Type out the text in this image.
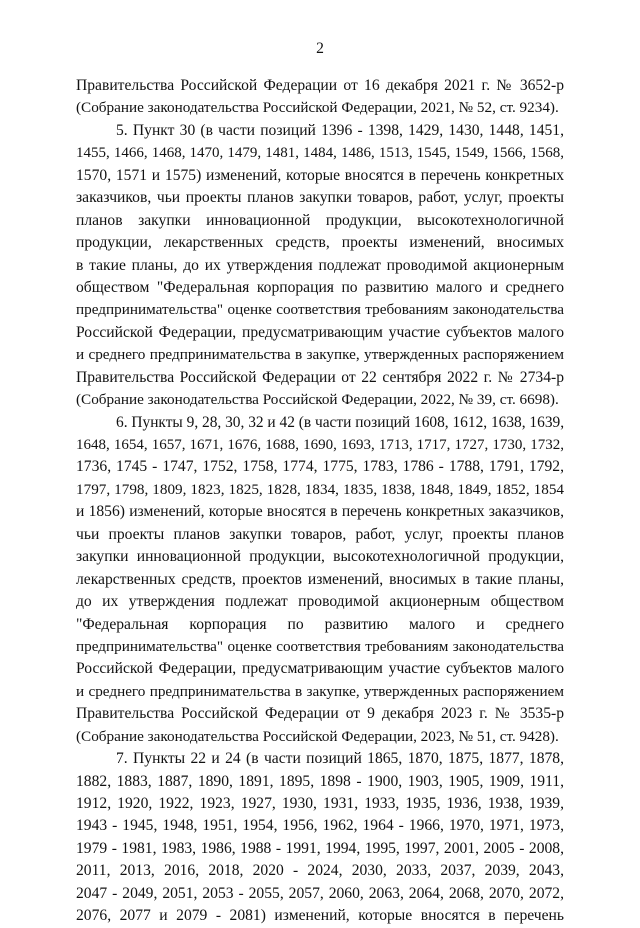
2
Правительства Российской Федерации от 16 декабря 2021 г. № 3652-р
(Собрание законодательства Российской Федерации, 2021, № 52, ст. 9234).
5. Пункт 30 (в части позиций 1396 - 1398, 1429, 1430, 1448, 1451,
1455, 1466, 1468, 1470, 1479, 1481, 1484, 1486, 1513, 1545, 1549, 1566, 1568,
1570, 1571 и 1575) изменений, которые вносятся в перечень конкретных
заказчиков, чьи проекты планов закупки товаров, работ, услуг, проекты
планов закупки инновационной продукции, высокотехнологичной
продукции, лекарственных средств, проекты изменений, вносимых
в такие планы, до их утверждения подлежат проводимой акционерным
обществом "Федеральная корпорация по развитию малого и среднего
предпринимательства" оценке соответствия требованиям законодательства
Российской Федерации, предусматривающим участие субъектов малого
и среднего предпринимательства в закупке, утвержденных распоряжением
Правительства Российской Федерации от 22 сентября 2022 г. № 2734-р
(Собрание законодательства Российской Федерации, 2022, № 39, ст. 6698).
6. Пункты 9, 28, 30, 32 и 42 (в части позиций 1608, 1612, 1638, 1639,
1648, 1654, 1657, 1671, 1676, 1688, 1690, 1693, 1713, 1717, 1727, 1730, 1732,
1736, 1745 - 1747, 1752, 1758, 1774, 1775, 1783, 1786 - 1788, 1791, 1792,
1797, 1798, 1809, 1823, 1825, 1828, 1834, 1835, 1838, 1848, 1849, 1852, 1854
и 1856) изменений, которые вносятся в перечень конкретных заказчиков,
чьи проекты планов закупки товаров, работ, услуг, проекты планов
закупки инновационной продукции, высокотехнологичной продукции,
лекарственных средств, проектов изменений, вносимых в такие планы,
до их утверждения подлежат проводимой акционерным обществом
"Федеральная корпорация по развитию малого и среднего
предпринимательства" оценке соответствия требованиям законодательства
Российской Федерации, предусматривающим участие субъектов малого
и среднего предпринимательства в закупке, утвержденных распоряжением
Правительства Российской Федерации от 9 декабря 2023 г. № 3535-р
(Собрание законодательства Российской Федерации, 2023, № 51, ст. 9428).
7. Пункты 22 и 24 (в части позиций 1865, 1870, 1875, 1877, 1878,
1882, 1883, 1887, 1890, 1891, 1895, 1898 - 1900, 1903, 1905, 1909, 1911,
1912, 1920, 1922, 1923, 1927, 1930, 1931, 1933, 1935, 1936, 1938, 1939,
1943 - 1945, 1948, 1951, 1954, 1956, 1962, 1964 - 1966, 1970, 1971, 1973,
1979 - 1981, 1983, 1986, 1988 - 1991, 1994, 1995, 1997, 2001, 2005 - 2008,
2011, 2013, 2016, 2018, 2020 - 2024, 2030, 2033, 2037, 2039, 2043,
2047 - 2049, 2051, 2053 - 2055, 2057, 2060, 2063, 2064, 2068, 2070, 2072,
2076, 2077 и 2079 - 2081) изменений, которые вносятся в перечень
